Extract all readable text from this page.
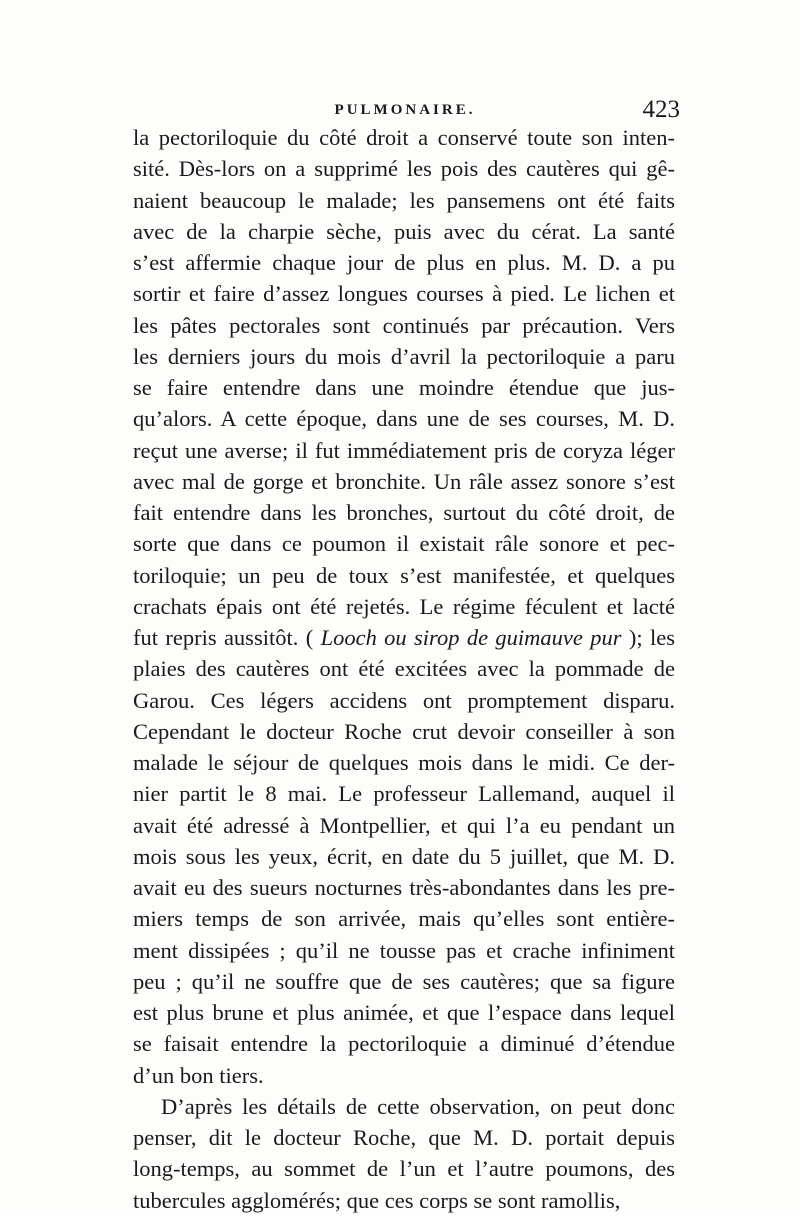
PULMONAIRE.	423
la pectoriloquie du côté droit a conservé toute son inten-
sité. Dès-lors on a supprimé les pois des cautères qui gê-
naient beaucoup le malade; les pansemens ont été faits
avec de la charpie sèche, puis avec du cérat. La santé
s’est affermie chaque jour de plus en plus. M. D. a pu
sortir et faire d’assez longues courses à pied. Le lichen et
les pâtes pectorales sont continués par précaution. Vers
les derniers jours du mois d’avril la pectoriloquie a paru
se faire entendre dans une moindre étendue que jus-
qu’alors. A cette époque, dans une de ses courses, M. D.
reçut une averse; il fut immédiatement pris de coryza léger
avec mal de gorge et bronchite. Un râle assez sonore s’est
fait entendre dans les bronches, surtout du côté droit, de
sorte que dans ce poumon il existait râle sonore et pec-
toriloquie; un peu de toux s’est manifestée, et quelques
crachats épais ont été rejetés. Le régime féculent et lacté
fut repris aussitôt. ( Looch ou sirop de guimauve pur ); les
plaies des cautères ont été excitées avec la pommade de
Garou. Ces légers accidens ont promptement disparu.
Cependant le docteur Roche crut devoir conseiller à son
malade le séjour de quelques mois dans le midi. Ce der-
nier partit le 8 mai. Le professeur Lallemand, auquel il
avait été adressé à Montpellier, et qui l’a eu pendant un
mois sous les yeux, écrit, en date du 5 juillet, que M. D.
avait eu des sueurs nocturnes très-abondantes dans les pre-
miers temps de son arrivée, mais qu’elles sont entière-
ment dissipées ; qu’il ne tousse pas et crache infiniment
peu ; qu’il ne souffre que de ses cautères; que sa figure
est plus brune et plus animée, et que l’espace dans lequel
se faisait entendre la pectoriloquie a diminué d’étendue
d’un bon tiers.
D’après les détails de cette observation, on peut donc
penser, dit le docteur Roche, que M. D. portait depuis
long-temps, au sommet de l’un et l’autre poumons, des
tubercules agglomérés; que ces corps se sont ramollis,
